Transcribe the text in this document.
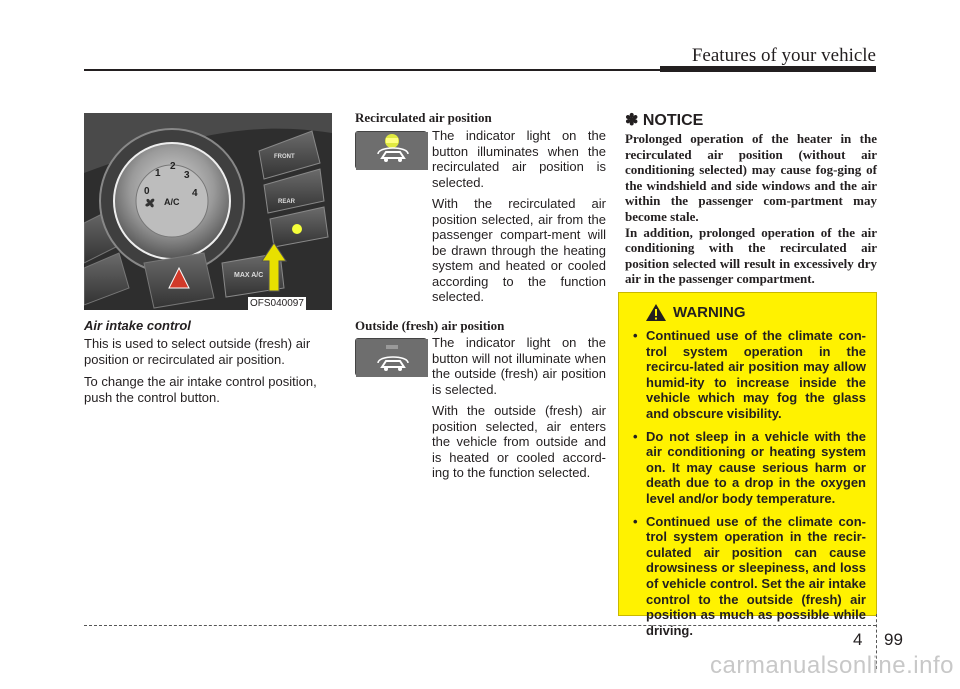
Features of your vehicle
0
1
2
3
4
A/C
FRONT
REAR
MAX A/C
OFS040097
Air intake control

This is used to select outside (fresh) air position or recirculated air position.

To change the air intake control position, push the control button.

Recirculated air position

The indicator light on the button illuminates when the recirculated air position is selected.

With the recirculated air position selected, air from the passenger compart-ment will be drawn through the heating system and heated or cooled according to the function selected.

Outside (fresh) air position

The indicator light on the button will not illuminate when the outside (fresh) air position is selected.

With the outside (fresh) air position selected, air enters the vehicle from outside and is heated or cooled accord-ing to the function selected.

✽ NOTICE

Prolonged operation of the heater in the recirculated air position (without air conditioning selected) may cause fog-ging of the windshield and side windows and the air within the passenger com-partment may become stale.

In addition, prolonged operation of the air conditioning with the recirculated air position selected will result in excessively dry air in the passenger compartment.

WARNING
• Continued use of the climate con-trol system operation in the recircu-lated air position may allow humid-ity to increase inside the vehicle which may fog the glass and obscure visibility.
• Do not sleep in a vehicle with the air conditioning or heating system on. It may cause serious harm or death due to a drop in the oxygen level and/or body temperature.
• Continued use of the climate con-trol system operation in the recir-culated air position can cause drowsiness or sleepiness, and loss of vehicle control. Set the air intake control to the outside (fresh) air position as much as possible while driving.	4 99
carmanualsonline.info
